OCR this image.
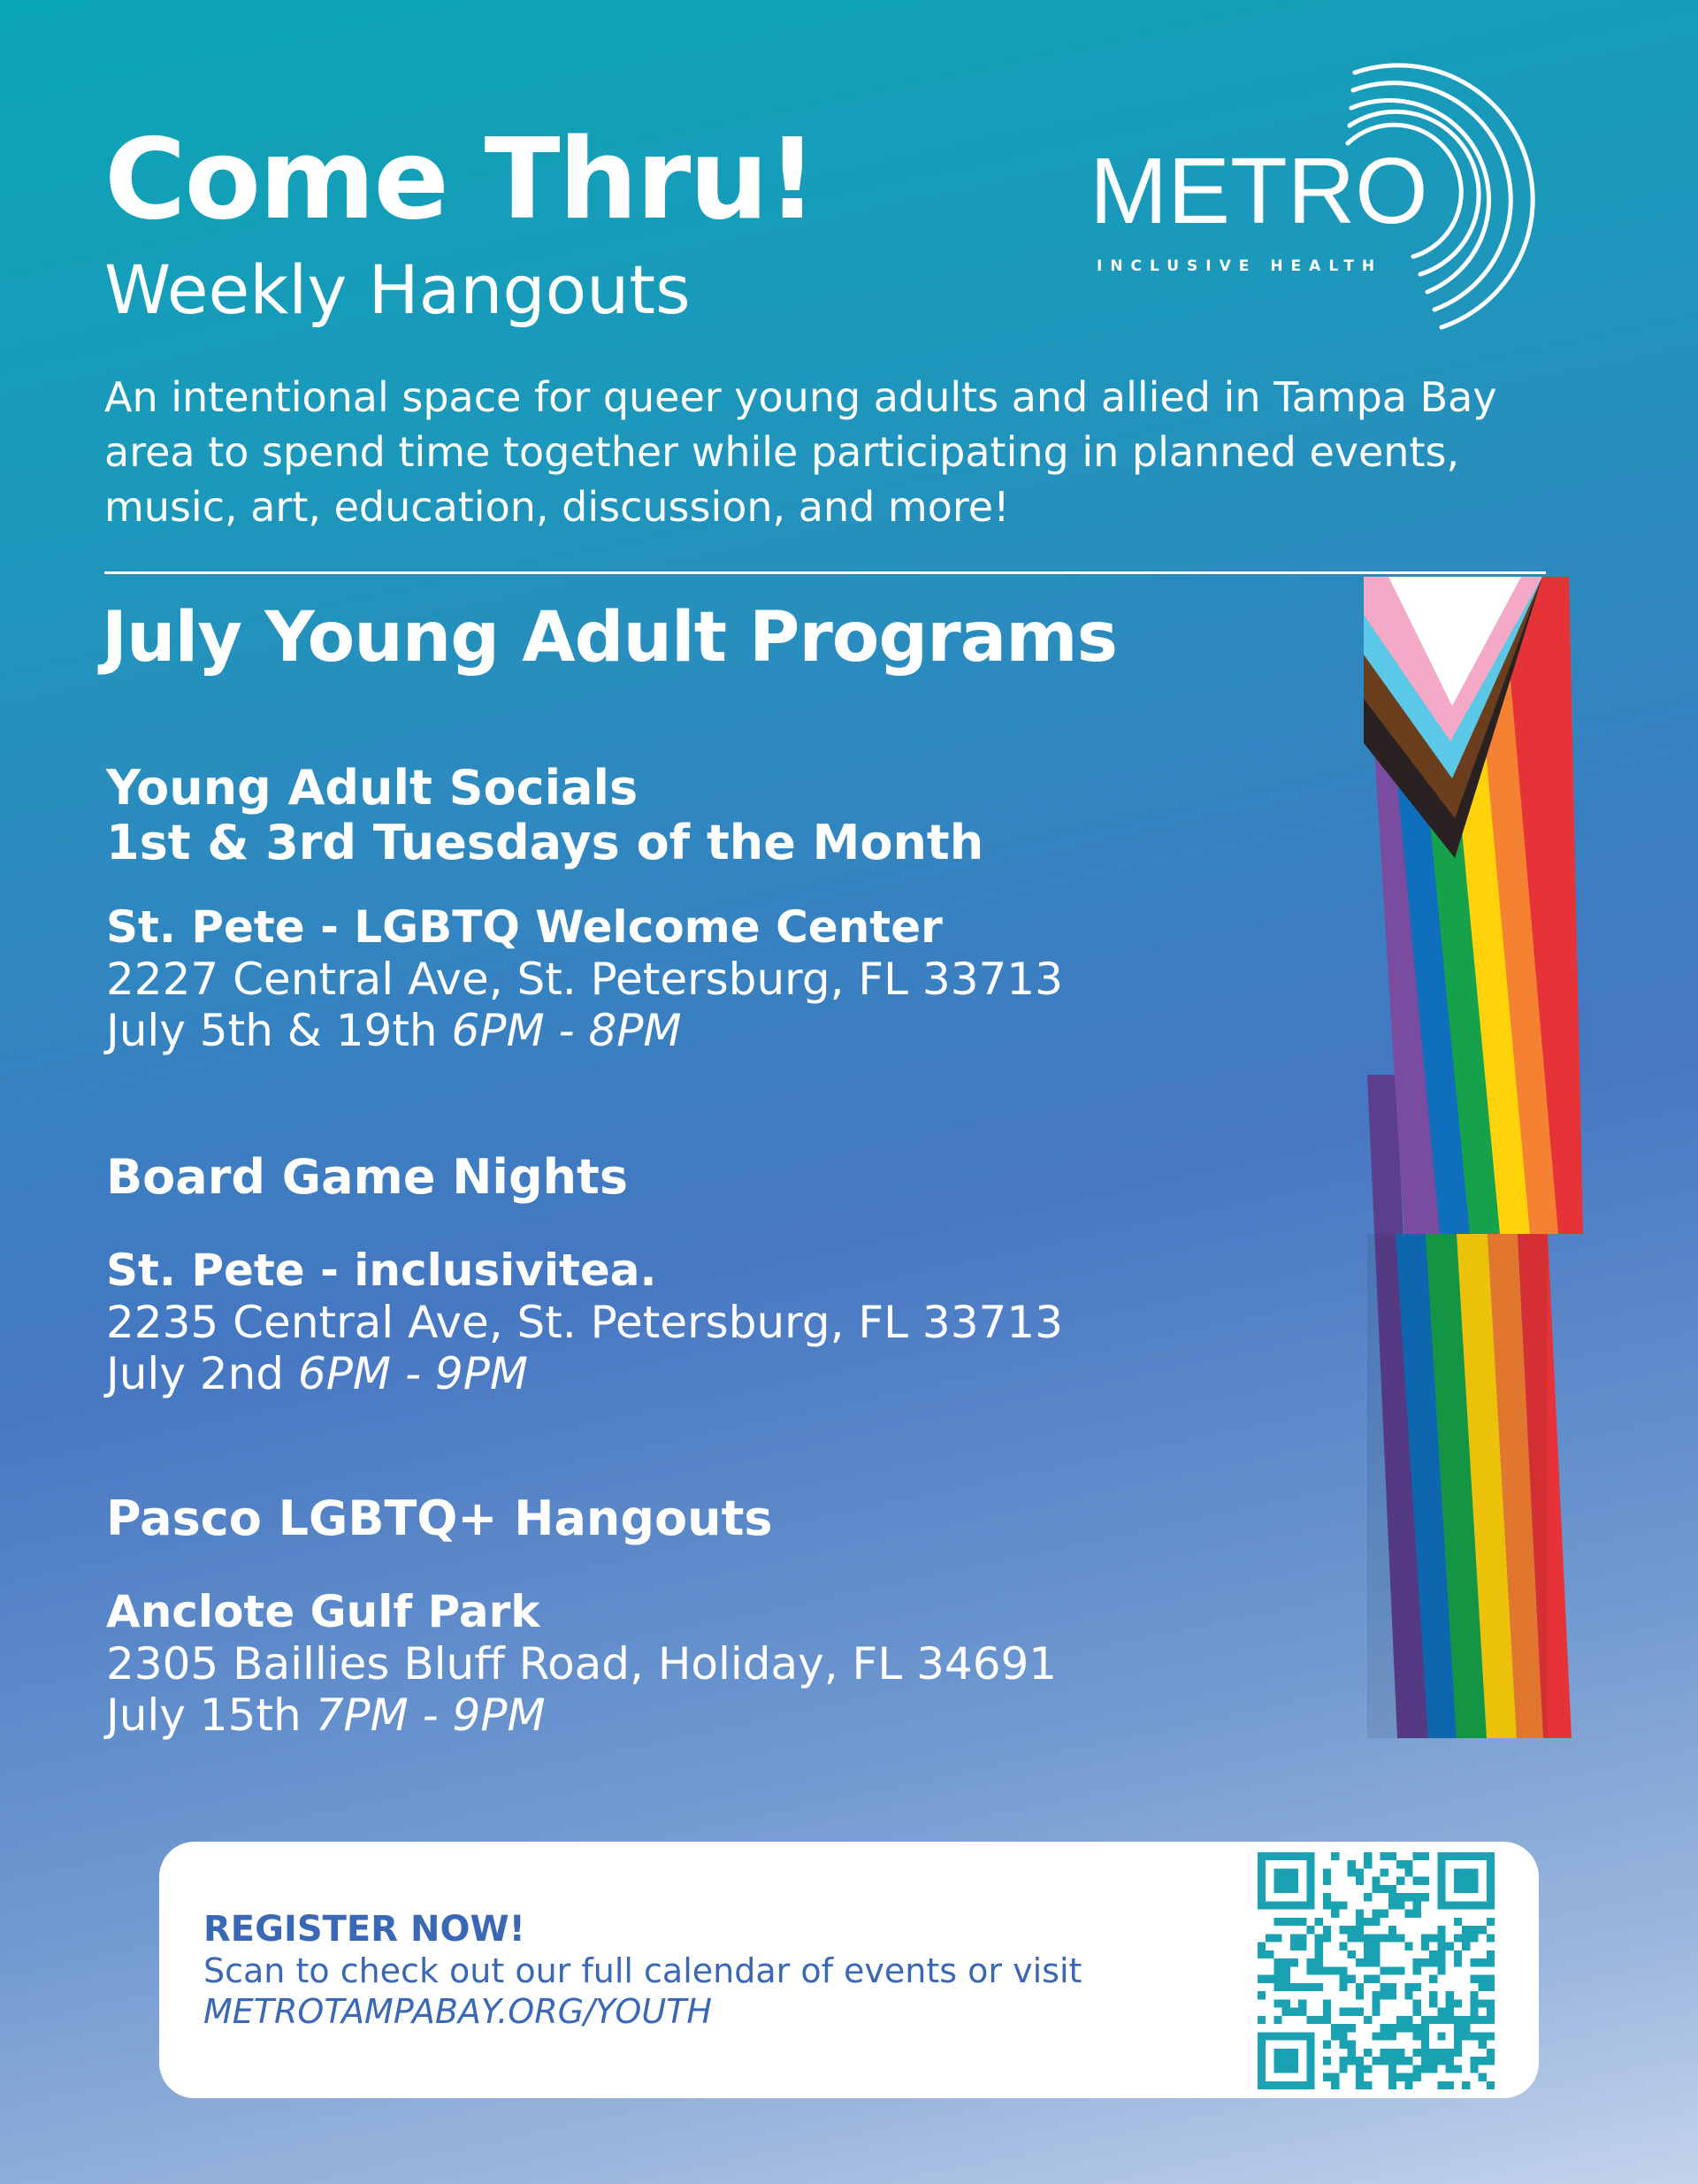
Come Thru!
Weekly Hangouts
METRO
INCLUSIVE HEALTH
An intentional space for queer young adults and allied in Tampa Bay area to spend time together while participating in planned events, music, art, education, discussion, and more!
July Young Adult Programs
Young Adult Socials
1st & 3rd Tuesdays of the Month
St. Pete - LGBTQ Welcome Center
2227 Central Ave, St. Petersburg, FL 33713
July 5th & 19th 6PM - 8PM
Board Game Nights
St. Pete - inclusivitea.
2235 Central Ave, St. Petersburg, FL 33713
July 2nd 6PM - 9PM
Pasco LGBTQ+ Hangouts
Anclote Gulf Park
2305 Baillies Bluff Road, Holiday, FL 34691
July 15th 7PM - 9PM
REGISTER NOW!
Scan to check out our full calendar of events or visit
METROTAMPABAY.ORG/YOUTH
